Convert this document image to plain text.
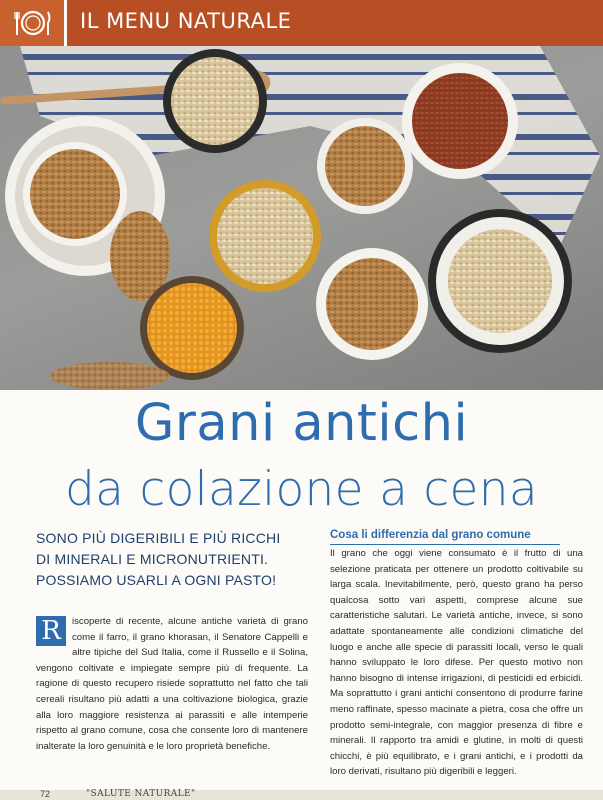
IL MENU NATURALE
Grani antichi
da colazione a cena
SONO PIÙ DIGERIBILI E PIÙ RICCHI
DI MINERALI E MICRONUTRIENTI.
POSSIAMO USARLI A OGNI PASTO!
R	iscoperte di recente, alcune antiche varietà di grano come il farro, il grano khorasan, il Senatore Cappelli e altre tipiche del Sud Italia, come il Russello e il Solina, vengono coltivate e impiegate sempre più di frequente. La ragione di questo recupero risiede soprattutto nel fatto che tali cereali risultano più adatti a una coltivazione biologica, grazie alla loro maggiore resistenza ai parassiti e alle intemperie rispetto al grano comune, cosa che consente loro di mantenere inalterate la loro genuinità e le loro proprietà benefiche.
Cosa li differenzia dal grano comune
Il grano che oggi viene consumato è il frutto di una selezione praticata per ottenere un prodotto coltivabile su larga scala. Inevitabilmente, però, questo grano ha perso qualcosa sotto vari aspetti, comprese alcune sue caratteristiche salutari. Le varietà antiche, invece, si sono adattate spontaneamente alle condizioni climatiche del luogo e anche alle specie di parassiti locali, verso le quali hanno sviluppato le loro difese. Per questo motivo non hanno bisogno di intense irrigazioni, di pesticidi ed erbicidi. Ma soprattutto i grani antichi consentono di produrre farine meno raffinate, spesso macinate a pietra, cosa che offre un prodotto semi-integrale, con maggior presenza di fibre e minerali. Il rapporto tra amidi e glutine, in molti di questi chicchi, è più equilibrato, e i grani antichi, e i prodotti da loro derivati, risultano più digeribili e leggeri.
72	"SALUTE NATURALE"
